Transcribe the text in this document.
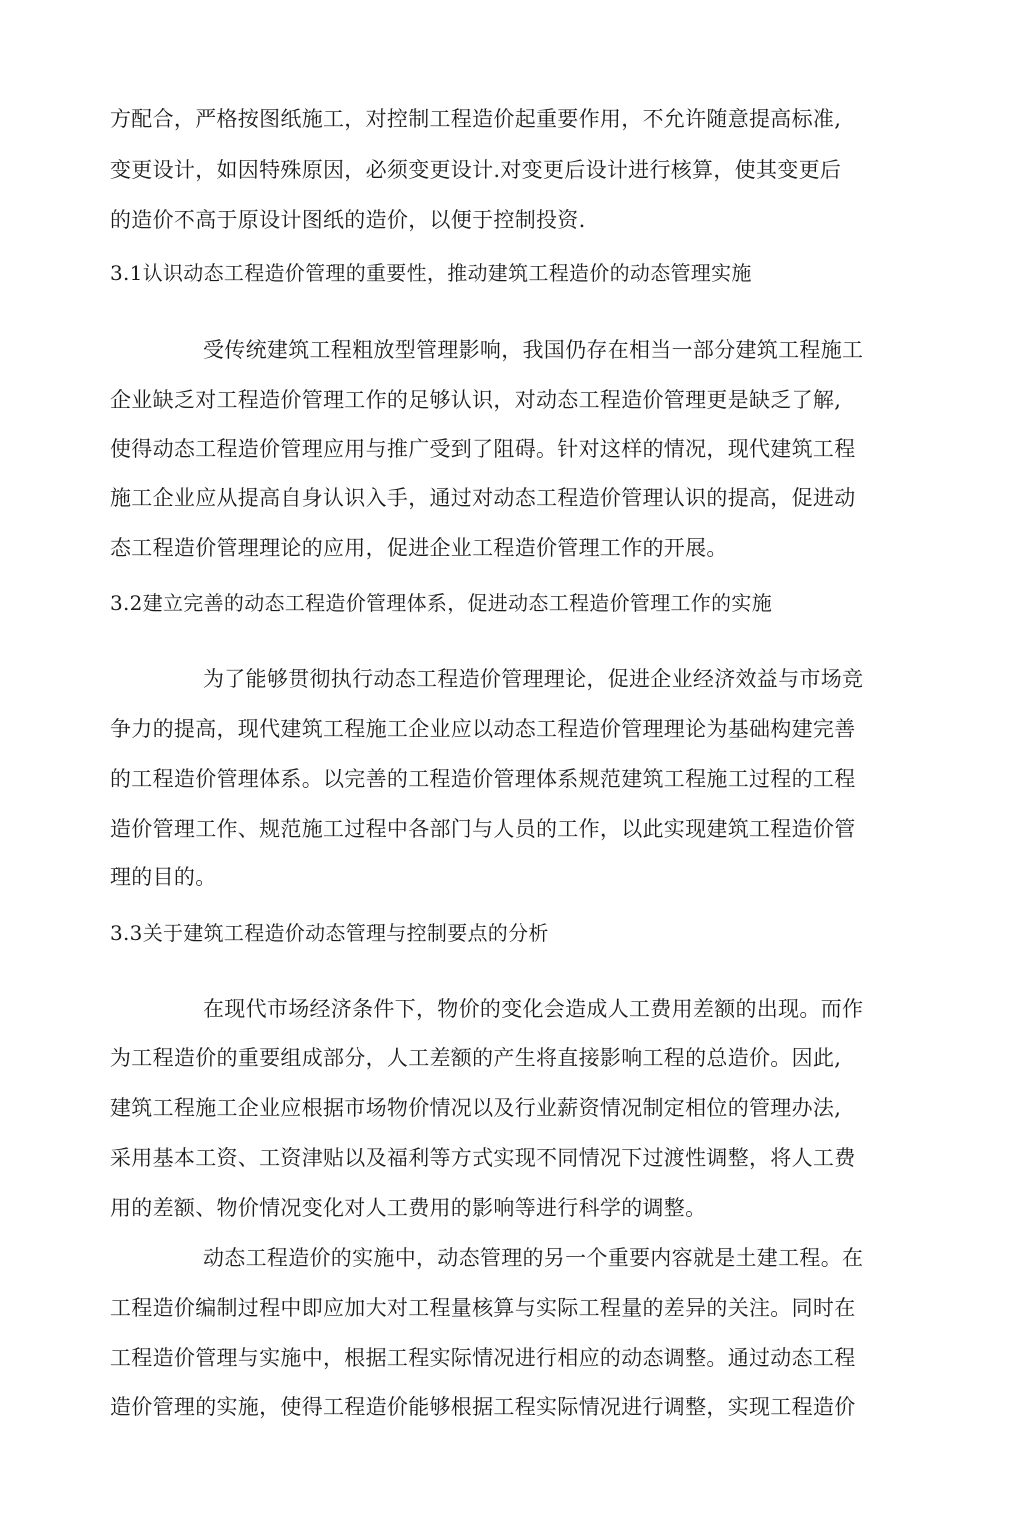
方配合，严格按图纸施工，对控制工程造价起重要作用，不允许随意提高标准,
变更设计，如因特殊原因，必须变更设计.对变更后设计进行核算，使其变更后
的造价不高于原设计图纸的造价，以便于控制投资.
3.1认识动态工程造价管理的重要性，推动建筑工程造价的动态管理实施
受传统建筑工程粗放型管理影响，我国仍存在相当一部分建筑工程施工
企业缺乏对工程造价管理工作的足够认识，对动态工程造价管理更是缺乏了解,
使得动态工程造价管理应用与推广受到了阻碍。针对这样的情况，现代建筑工程
施工企业应从提高自身认识入手，通过对动态工程造价管理认识的提高，促进动
态工程造价管理理论的应用，促进企业工程造价管理工作的开展。
3.2建立完善的动态工程造价管理体系，促进动态工程造价管理工作的实施
为了能够贯彻执行动态工程造价管理理论，促进企业经济效益与市场竞
争力的提高，现代建筑工程施工企业应以动态工程造价管理理论为基础构建完善
的工程造价管理体系。以完善的工程造价管理体系规范建筑工程施工过程的工程
造价管理工作、规范施工过程中各部门与人员的工作，以此实现建筑工程造价管
理的目的。
3.3关于建筑工程造价动态管理与控制要点的分析
在现代市场经济条件下，物价的变化会造成人工费用差额的出现。而作
为工程造价的重要组成部分，人工差额的产生将直接影响工程的总造价。因此,
建筑工程施工企业应根据市场物价情况以及行业薪资情况制定相位的管理办法,
采用基本工资、工资津贴以及福利等方式实现不同情况下过渡性调整，将人工费
用的差额、物价情况变化对人工费用的影响等进行科学的调整。
动态工程造价的实施中，动态管理的另一个重要内容就是土建工程。在
工程造价编制过程中即应加大对工程量核算与实际工程量的差异的关注。同时在
工程造价管理与实施中，根据工程实际情况进行相应的动态调整。通过动态工程
造价管理的实施，使得工程造价能够根据工程实际情况进行调整，实现工程造价
